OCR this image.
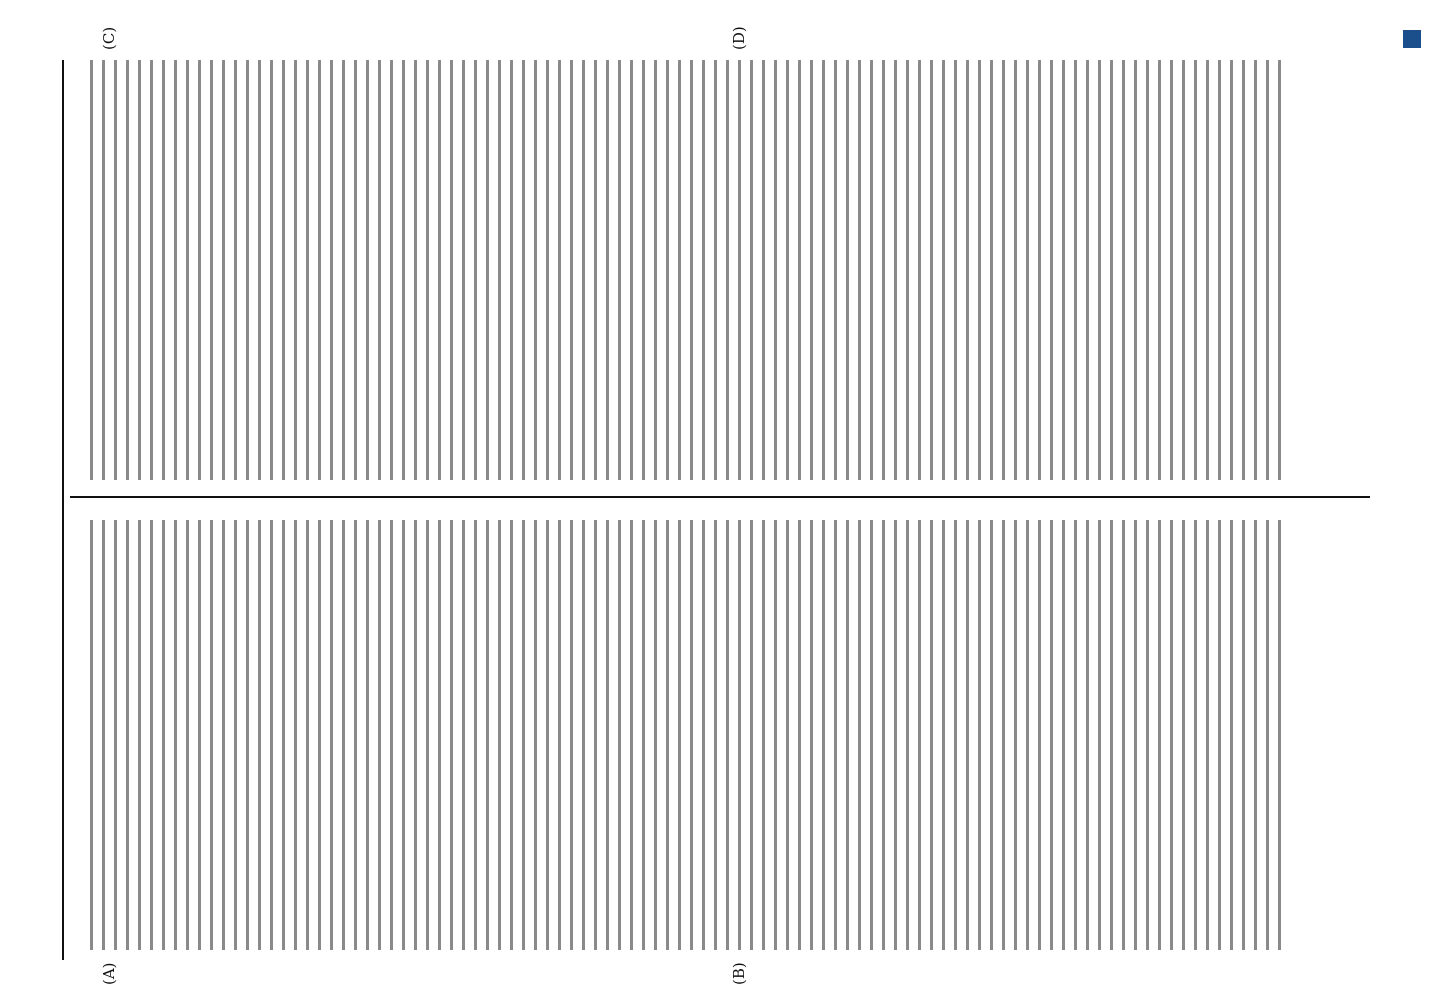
(A)	(B)
(C)	(D)
